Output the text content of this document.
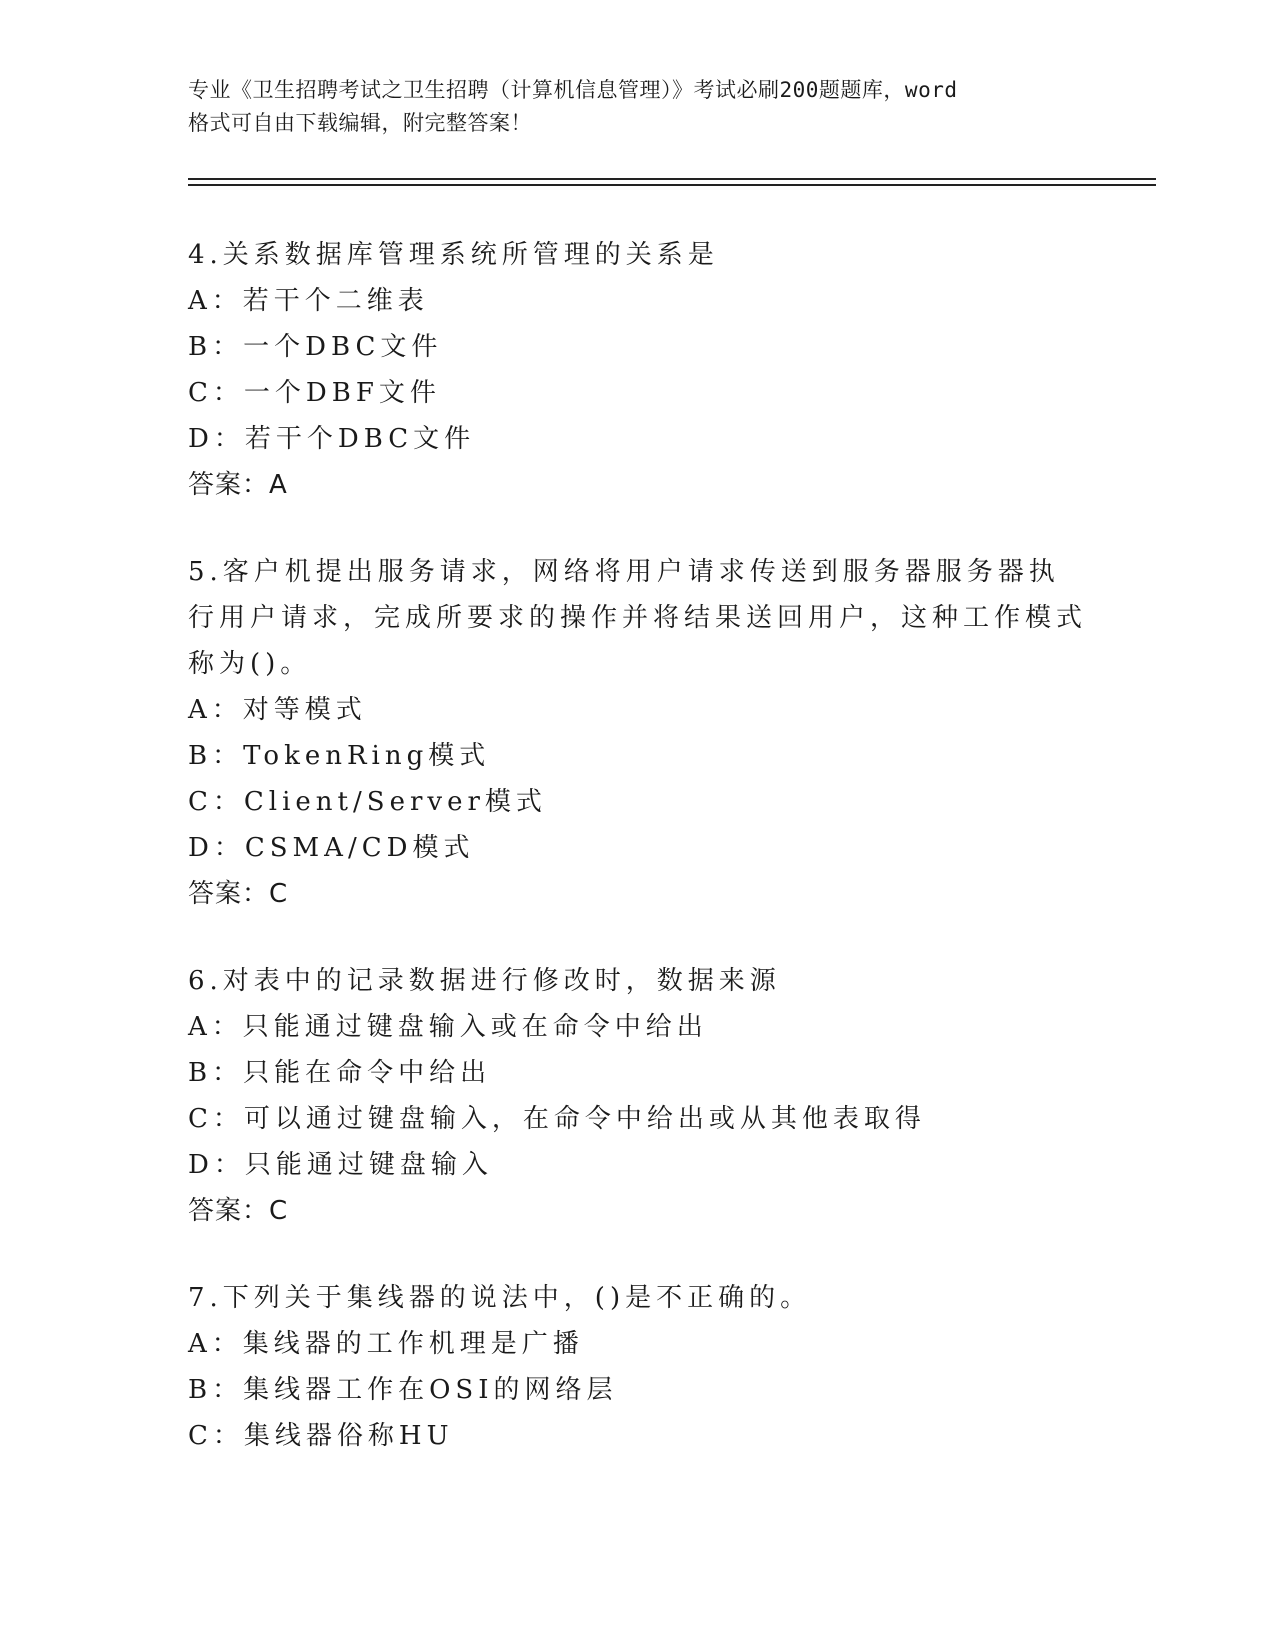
专业《卫生招聘考试之卫生招聘（计算机信息管理）》考试必刷200题题库，word
格式可自由下载编辑，附完整答案！
4.关系数据库管理系统所管理的关系是
A：若干个二维表
B：一个DBC文件
C：一个DBF文件
D：若干个DBC文件
答案：A
5.客户机提出服务请求，网络将用户请求传送到服务器服务器执行用户请求，完成所要求的操作并将结果送回用户，这种工作模式称为()。
A：对等模式
B：TokenRing模式
C：Client/Server模式
D：CSMA/CD模式
答案：C
6.对表中的记录数据进行修改时，数据来源
A：只能通过键盘输入或在命令中给出
B：只能在命令中给出
C：可以通过键盘输入，在命令中给出或从其他表取得
D：只能通过键盘输入
答案：C
7.下列关于集线器的说法中，()是不正确的。
A：集线器的工作机理是广播
B：集线器工作在OSI的网络层
C：集线器俗称HU
